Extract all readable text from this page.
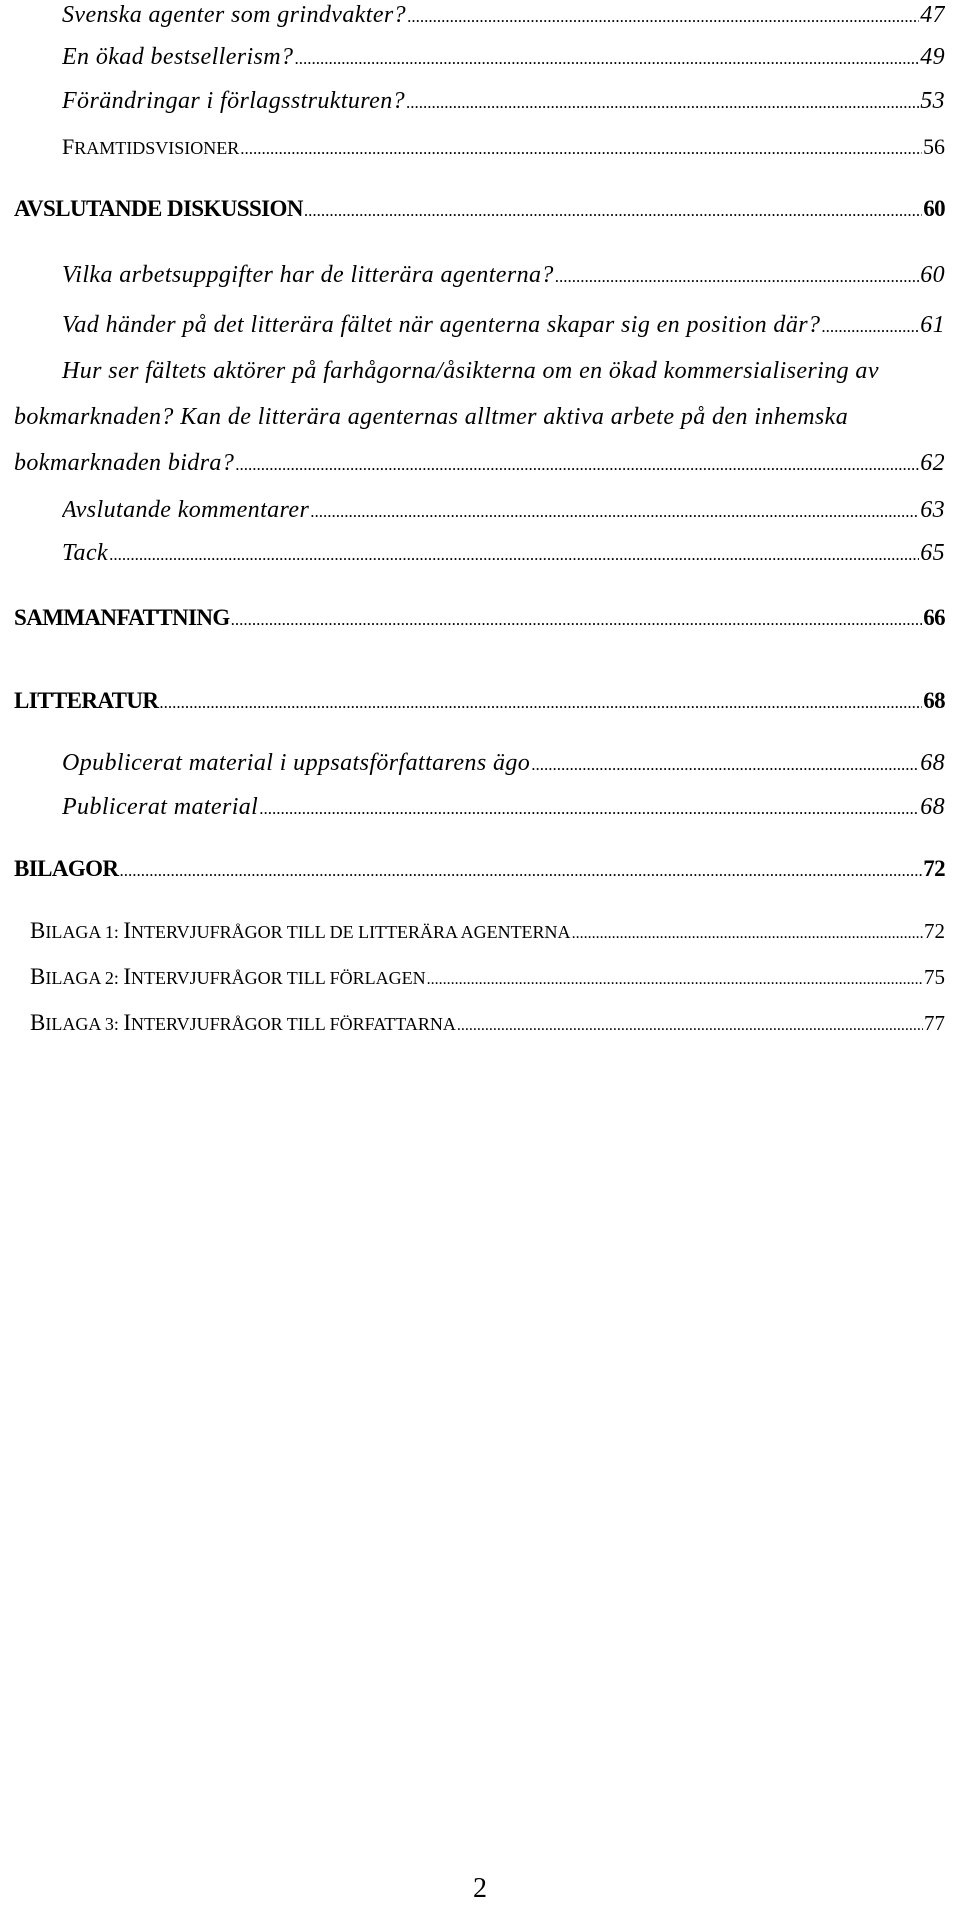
Svenska agenter som grindvakter? .....	47
En ökad bestsellerism? .....	49
Förändringar i förlagsstrukturen? .....	53
FRAMTIDSVISIONER .....	56
AVSLUTANDE DISKUSSION .....	60
Vilka arbetsuppgifter har de litterära agenterna? .....	60
Vad händer på det litterära fältet när agenterna skapar sig en position där? .....	61
Hur ser fältets aktörer på farhågorna/åsikterna om en ökad kommersialisering av
bokmarknaden? Kan de litterära agenternas alltmer aktiva arbete på den inhemska
bokmarknaden bidra? .....	62
Avslutande kommentarer .....	63
Tack .....	65
SAMMANFATTNING .....	66
LITTERATUR .....	68
Opublicerat material i uppsatsförfattarens ägo .....	68
Publicerat material .....	68
BILAGOR .....	72
BILAGA 1: INTERVJUFRÅGOR TILL DE LITTERÄRA AGENTERNA .....	72
BILAGA 2: INTERVJUFRÅGOR TILL FÖRLAGEN .....	75
BILAGA 3: INTERVJUFRÅGOR TILL FÖRFATTARNA .....	77
2
